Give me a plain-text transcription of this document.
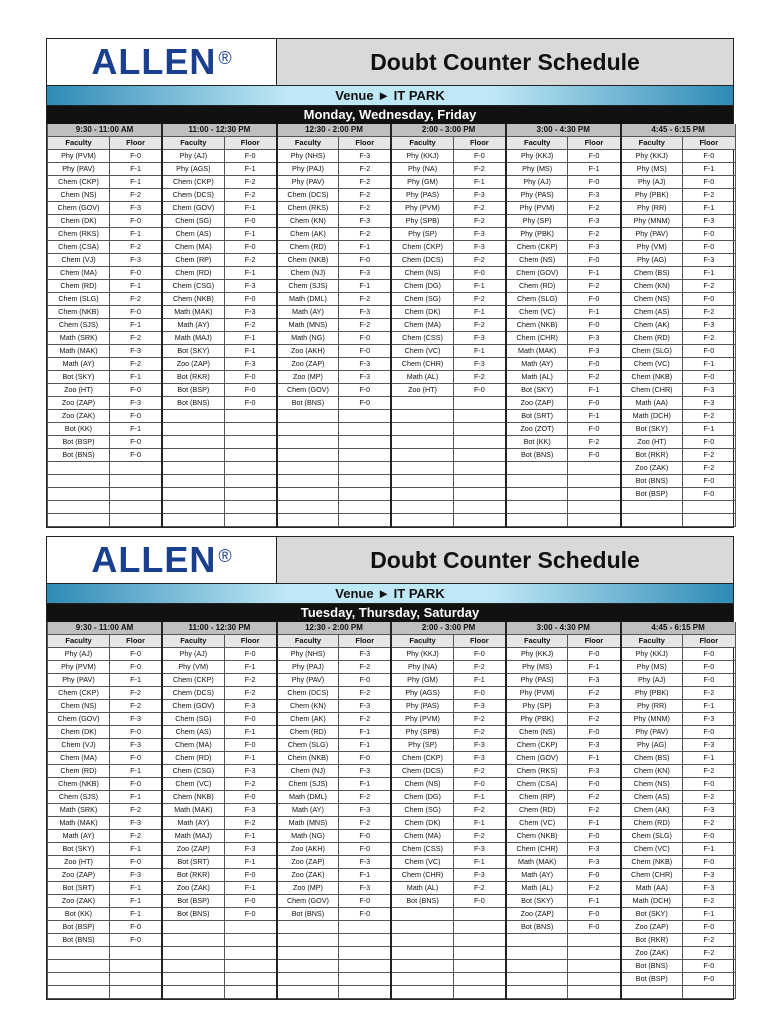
ALLEN ®	Doubt Counter Schedule
Venue ► IT PARK
Monday, Wednesday, Friday
9:30 - 11:00 AM		11:00 - 12:30 PM		12:30 - 2:00 PM		2:00 - 3:00 PM		3:00 - 4:30 PM		4:45 - 6:15 PM	
Faculty	Floor	Faculty	Floor	Faculty	Floor	Faculty	Floor	Faculty	Floor	Faculty	Floor
Phy (PVM)	F-0	Phy (AJ)	F-0	Phy (NHS)	F-3	Phy (KKJ)	F-0	Phy (KKJ)	F-0	Phy (KKJ)	F-0
Phy (PAV)	F-1	Phy (AGS)	F-1	Phy (PAJ)	F-2	Phy (NA)	F-2	Phy (MS)	F-1	Phy (MS)	F-1
Chem (CKP)	F-1	Chem (CKP)	F-2	Phy (PAV)	F-2	Phy (GM)	F-1	Phy (AJ)	F-0	Phy (AJ)	F-0
Chem (NS)	F-2	Chem (DCS)	F-2	Chem (DCS)	F-2	Phy (PAS)	F-3	Phy (PAS)	F-3	Phy (PBK)	F-2
Chem (GOV)	F-3	Chem (GOV)	F-1	Chem (RKS)	F-2	Phy (PVM)	F-2	Phy (PVM)	F-2	Phy (RR)	F-1
Chem (DK)	F-0	Chem (SG)	F-0	Chem (KN)	F-3	Phy (SPB)	F-2	Phy (SP)	F-3	Phy (MNM)	F-3
Chem (RKS)	F-1	Chem (AS)	F-1	Chem (AK)	F-2	Phy (SP)	F-3	Phy (PBK)	F-2	Phy (PAV)	F-0
Chem (CSA)	F-2	Chem (MA)	F-0	Chem (RD)	F-1	Chem (CKP)	F-3	Chem (CKP)	F-3	Phy (VM)	F-0
Chem (VJ)	F-3	Chem (RP)	F-2	Chem (NKB)	F-0	Chem (DCS)	F-2	Chem (NS)	F-0	Phy (AG)	F-3
Chem (MA)	F-0	Chem (RD)	F-1	Chem (NJ)	F-3	Chem (NS)	F-0	Chem (GOV)	F-1	Chem (BS)	F-1
Chem (RD)	F-1	Chem (CSG)	F-3	Chem (SJS)	F-1	Chem (DG)	F-1	Chem (RD)	F-2	Chem (KN)	F-2
Chem (SLG)	F-2	Chem (NKB)	F-0	Math (DML)	F-2	Chem (SG)	F-2	Chem (SLG)	F-0	Chem (NS)	F-0
Chem (NKB)	F-0	Math (MAK)	F-3	Math (AY)	F-3	Chem (DK)	F-1	Chem (VC)	F-1	Chem (AS)	F-2
Chem (SJS)	F-1	Math (AY)	F-2	Math (MNS)	F-2	Chem (MA)	F-2	Chem (NKB)	F-0	Chem (AK)	F-3
Math (SRK)	F-2	Math (MAJ)	F-1	Math (NG)	F-0	Chem (CSS)	F-3	Chem (CHR)	F-3	Chem (RD)	F-2
Math (MAK)	F-3	Bot (SKY)	F-1	Zoo (AKH)	F-0	Chem (VC)	F-1	Math (MAK)	F-3	Chem (SLG)	F-0
Math (AY)	F-2	Zoo (ZAP)	F-3	Zoo (ZAP)	F-3	Chem (CHR)	F-3	Math (AY)	F-0	Chem (VC)	F-1
Bot (SKY)	F-1	Bot (RKR)	F-0	Zoo (MP)	F-3	Math (AL)	F-2	Math (AL)	F-2	Chem (NKB)	F-0
Zoo (HT)	F-0	Bot (BSP)	F-0	Chem (GOV)	F-0	Zoo (HT)	F-0	Bot (SKY)	F-1	Chem (CHR)	F-3
Zoo (ZAP)	F-3	Bot (BNS)	F-0	Bot (BNS)	F-0			Zoo (ZAP)	F-0	Math (AA)	F-3
Zoo (ZAK)	F-0							Bot (SRT)	F-1	Math (DCH)	F-2
Bot (KK)	F-1							Zoo (ZOT)	F-0	Bot (SKY)	F-1
Bot (BSP)	F-0							Bot (KK)	F-2	Zoo (HT)	F-0
Bot (BNS)	F-0							Bot (BNS)	F-0	Bot (RKR)	F-2
										Zoo (ZAK)	F-2
										Bot (BNS)	F-0
										Bot (BSP)	F-0

ALLEN ®	Doubt Counter Schedule
Venue ► IT PARK
Tuesday, Thursday, Saturday
9:30 - 11:00 AM		11:00 - 12:30 PM		12:30 - 2:00 PM		2:00 - 3:00 PM		3:00 - 4:30 PM		4:45 - 6:15 PM	
Faculty	Floor	Faculty	Floor	Faculty	Floor	Faculty	Floor	Faculty	Floor	Faculty	Floor
Phy (AJ)	F-0	Phy (AJ)	F-0	Phy (NHS)	F-3	Phy (KKJ)	F-0	Phy (KKJ)	F-0	Phy (KKJ)	F-0
Phy (PVM)	F-0	Phy (VM)	F-1	Phy (PAJ)	F-2	Phy (NA)	F-2	Phy (MS)	F-1	Phy (MS)	F-0
Phy (PAV)	F-1	Chem (CKP)	F-2	Phy (PAV)	F-0	Phy (GM)	F-1	Phy (PAS)	F-3	Phy (AJ)	F-0
Chem (CKP)	F-2	Chem (DCS)	F-2	Chem (DCS)	F-2	Phy (AGS)	F-0	Phy (PVM)	F-2	Phy (PBK)	F-2
Chem (NS)	F-2	Chem (GOV)	F-3	Chem (KN)	F-3	Phy (PAS)	F-3	Phy (SP)	F-3	Phy (RR)	F-1
Chem (GOV)	F-3	Chem (SG)	F-0	Chem (AK)	F-2	Phy (PVM)	F-2	Phy (PBK)	F-2	Phy (MNM)	F-3
Chem (DK)	F-0	Chem (AS)	F-1	Chem (RD)	F-1	Phy (SPB)	F-2	Chem (NS)	F-0	Phy (PAV)	F-0
Chem (VJ)	F-3	Chem (MA)	F-0	Chem (SLG)	F-1	Phy (SP)	F-3	Chem (CKP)	F-3	Phy (AG)	F-3
Chem (MA)	F-0	Chem (RD)	F-1	Chem (NKB)	F-0	Chem (CKP)	F-3	Chem (GOV)	F-1	Chem (BS)	F-1
Chem (RD)	F-1	Chem (CSG)	F-3	Chem (NJ)	F-3	Chem (DCS)	F-2	Chem (RKS)	F-3	Chem (KN)	F-2
Chem (NKB)	F-0	Chem (VC)	F-2	Chem (SJS)	F-1	Chem (NS)	F-0	Chem (CSA)	F-0	Chem (NS)	F-0
Chem (SJS)	F-1	Chem (NKB)	F-0	Math (DML)	F-2	Chem (DG)	F-1	Chem (RP)	F-2	Chem (AS)	F-2
Math (SRK)	F-2	Math (MAK)	F-3	Math (AY)	F-3	Chem (SG)	F-2	Chem (RD)	F-2	Chem (AK)	F-3
Math (MAK)	F-3	Math (AY)	F-2	Math (MNS)	F-2	Chem (DK)	F-1	Chem (VC)	F-1	Chem (RD)	F-2
Math (AY)	F-2	Math (MAJ)	F-1	Math (NG)	F-0	Chem (MA)	F-2	Chem (NKB)	F-0	Chem (SLG)	F-0
Bot (SKY)	F-1	Zoo (ZAP)	F-3	Zoo (AKH)	F-0	Chem (CSS)	F-3	Chem (CHR)	F-3	Chem (VC)	F-1
Zoo (HT)	F-0	Bot (SRT)	F-1	Zoo (ZAP)	F-3	Chem (VC)	F-1	Math (MAK)	F-3	Chem (NKB)	F-0
Zoo (ZAP)	F-3	Bot (RKR)	F-0	Zoo (ZAK)	F-1	Chem (CHR)	F-3	Math (AY)	F-0	Chem (CHR)	F-3
Bot (SRT)	F-1	Zoo (ZAK)	F-1	Zoo (MP)	F-3	Math (AL)	F-2	Math (AL)	F-2	Math (AA)	F-3
Zoo (ZAK)	F-1	Bot (BSP)	F-0	Chem (GOV)	F-0	Bot (BNS)	F-0	Bot (SKY)	F-1	Math (DCH)	F-2
Bot (KK)	F-1	Bot (BNS)	F-0	Bot (BNS)	F-0			Zoo (ZAP)	F-0	Bot (SKY)	F-1
Bot (BSP)	F-0							Bot (BNS)	F-0	Zoo (ZAP)	F-0
Bot (BNS)	F-0									Bot (RKR)	F-2
										Zoo (ZAK)	F-2
										Bot (BNS)	F-0
										Bot (BSP)	F-0
